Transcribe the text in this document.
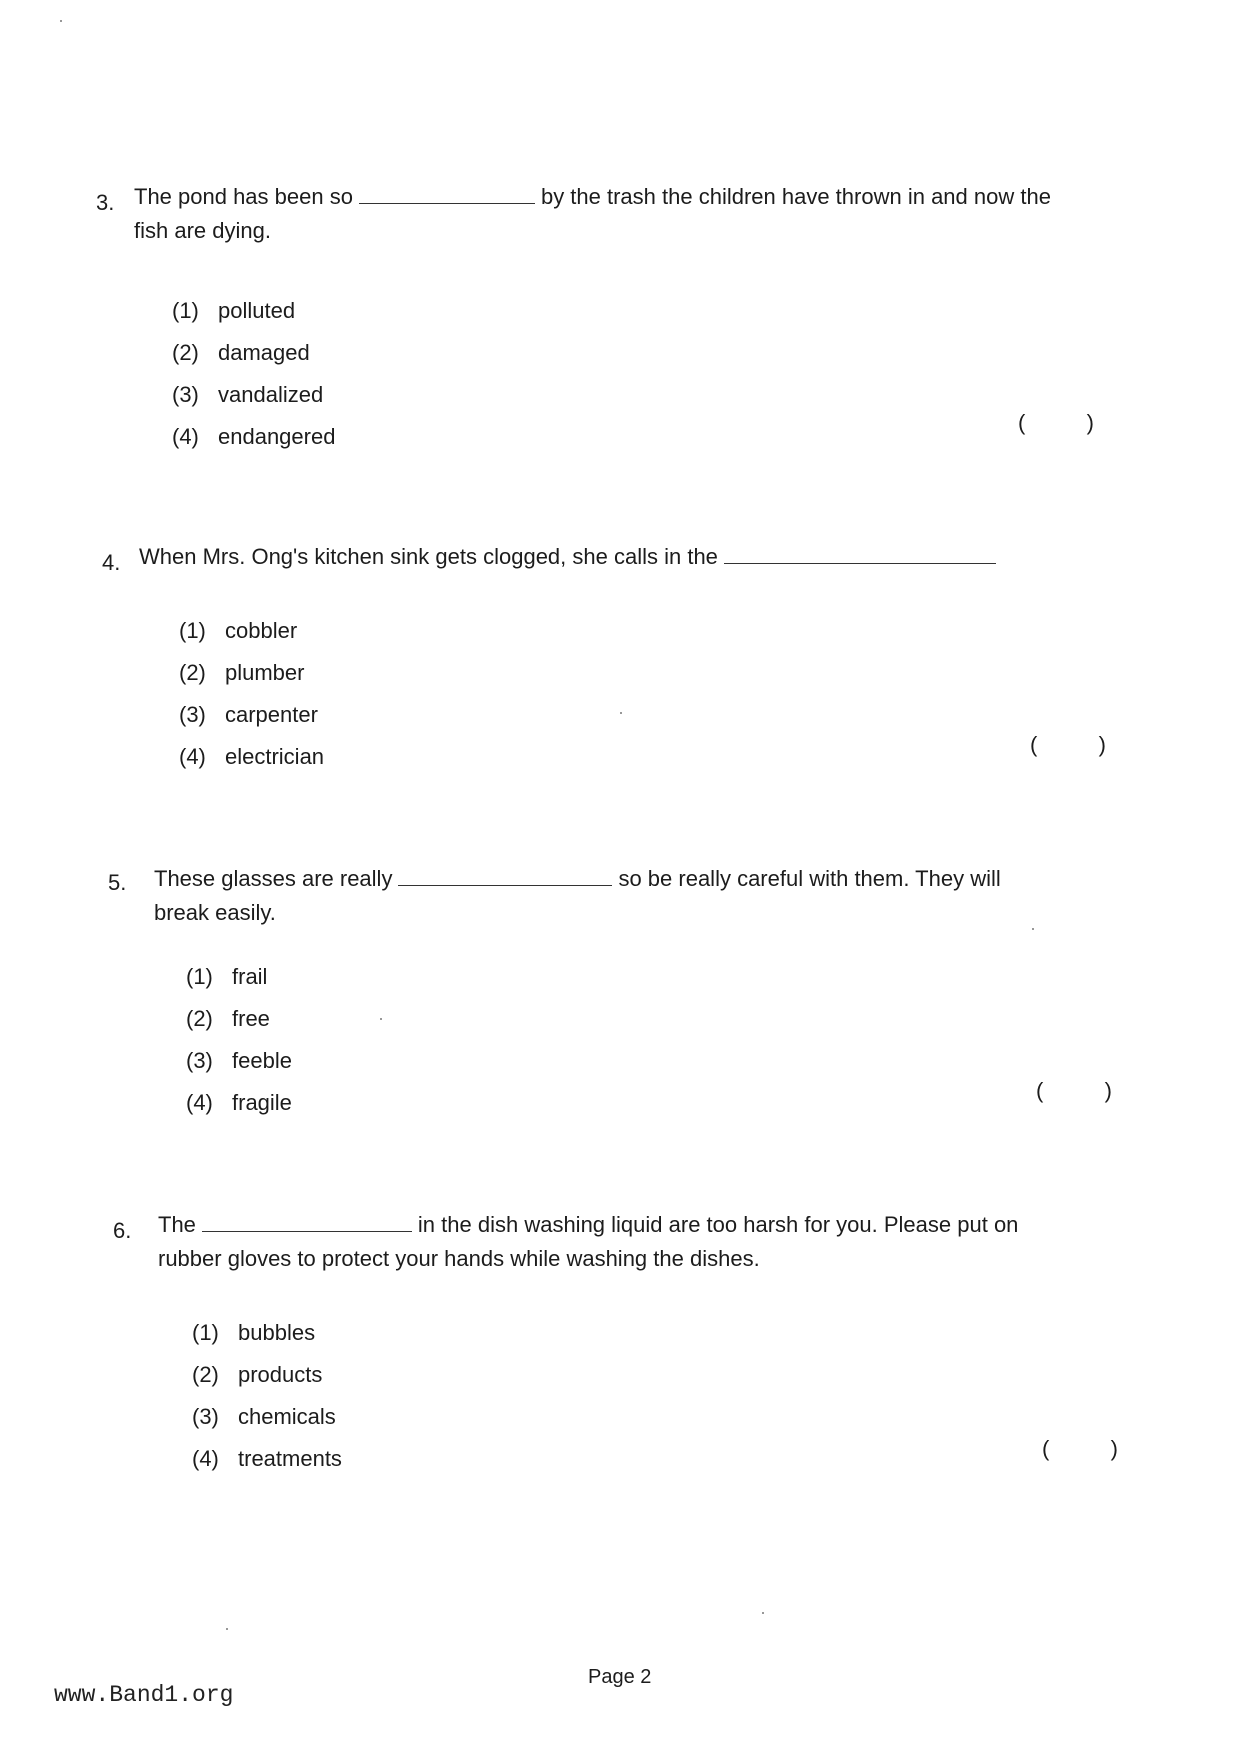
3. The pond has been so	by the trash the children have thrown in and now the
fish are dying.
(1) polluted
(2) damaged
(3) vandalized
(4) endangered
(	)
4. When Mrs. Ong's kitchen sink gets clogged, she calls in the
(1) cobbler
(2) plumber
(3) carpenter
(4) electrician	(	)
5.	These glasses are really	so be really careful with them. They will
break easily.
(1) frail
(2) free
(3) feeble
(4) fragile	(	)
6.	The	in the dish washing liquid are too harsh for you. Please put on
rubber gloves to protect your hands while washing the dishes.
(1) bubbles
(2) products
(3) chemicals
(4) treatments	(	)
Page 2
www.Band1.org
